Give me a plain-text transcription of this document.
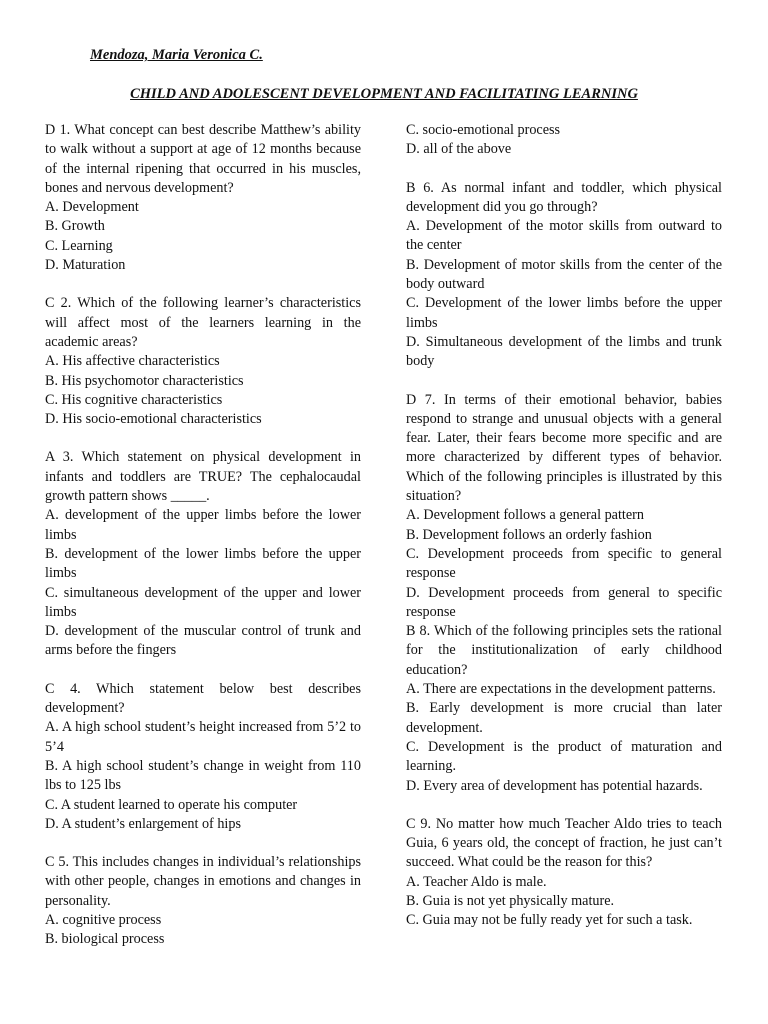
Mendoza, Maria Veronica C.
CHILD AND ADOLESCENT DEVELOPMENT AND FACILITATING LEARNING
D 1. What concept can best describe Matthew’s ability to walk without a support at age of 12 months because of the internal ripening that occurred in his muscles, bones and nervous development?
A. Development
B. Growth
C. Learning
D. Maturation
C 2. Which of the following learner’s characteristics will affect most of the learners learning in the academic areas?
A. His affective characteristics
B. His psychomotor characteristics
C. His cognitive characteristics
D. His socio-emotional characteristics
A 3. Which statement on physical development in infants and toddlers are TRUE? The cephalocaudal growth pattern shows _____.
A. development of the upper limbs before the lower limbs
B. development of the lower limbs before the upper limbs
C. simultaneous development of the upper and lower limbs
D. development of the muscular control of trunk and arms before the fingers
C 4. Which statement below best describes development?
A. A high school student’s height increased from 5’2 to 5’4
B. A high school student’s change in weight from 110 lbs to 125 lbs
C. A student learned to operate his computer
D. A student’s enlargement of hips
C 5. This includes changes in individual’s relationships with other people, changes in emotions and changes in personality.
A. cognitive process
B. biological process
C. socio-emotional process
D. all of the above
B 6. As normal infant and toddler, which physical development did you go through?
A. Development of the motor skills from outward to the center
B. Development of motor skills from the center of the body outward
C. Development of the lower limbs before the upper limbs
D. Simultaneous development of the limbs and trunk body
D 7. In terms of their emotional behavior, babies respond to strange and unusual objects with a general fear. Later, their fears become more specific and are more characterized by different types of behavior. Which of the following principles is illustrated by this situation?
A. Development follows a general pattern
B. Development follows an orderly fashion
C. Development proceeds from specific to general response
D. Development proceeds from general to specific response
B 8. Which of the following principles sets the rational for the institutionalization of early childhood education?
A. There are expectations in the development patterns.
B. Early development is more crucial than later development.
C. Development is the product of maturation and learning.
D. Every area of development has potential hazards.
C 9. No matter how much Teacher Aldo tries to teach Guia, 6 years old, the concept of fraction, he just can’t succeed. What could be the reason for this?
A. Teacher Aldo is male.
B. Guia is not yet physically mature.
C. Guia may not be fully ready yet for such a task.
